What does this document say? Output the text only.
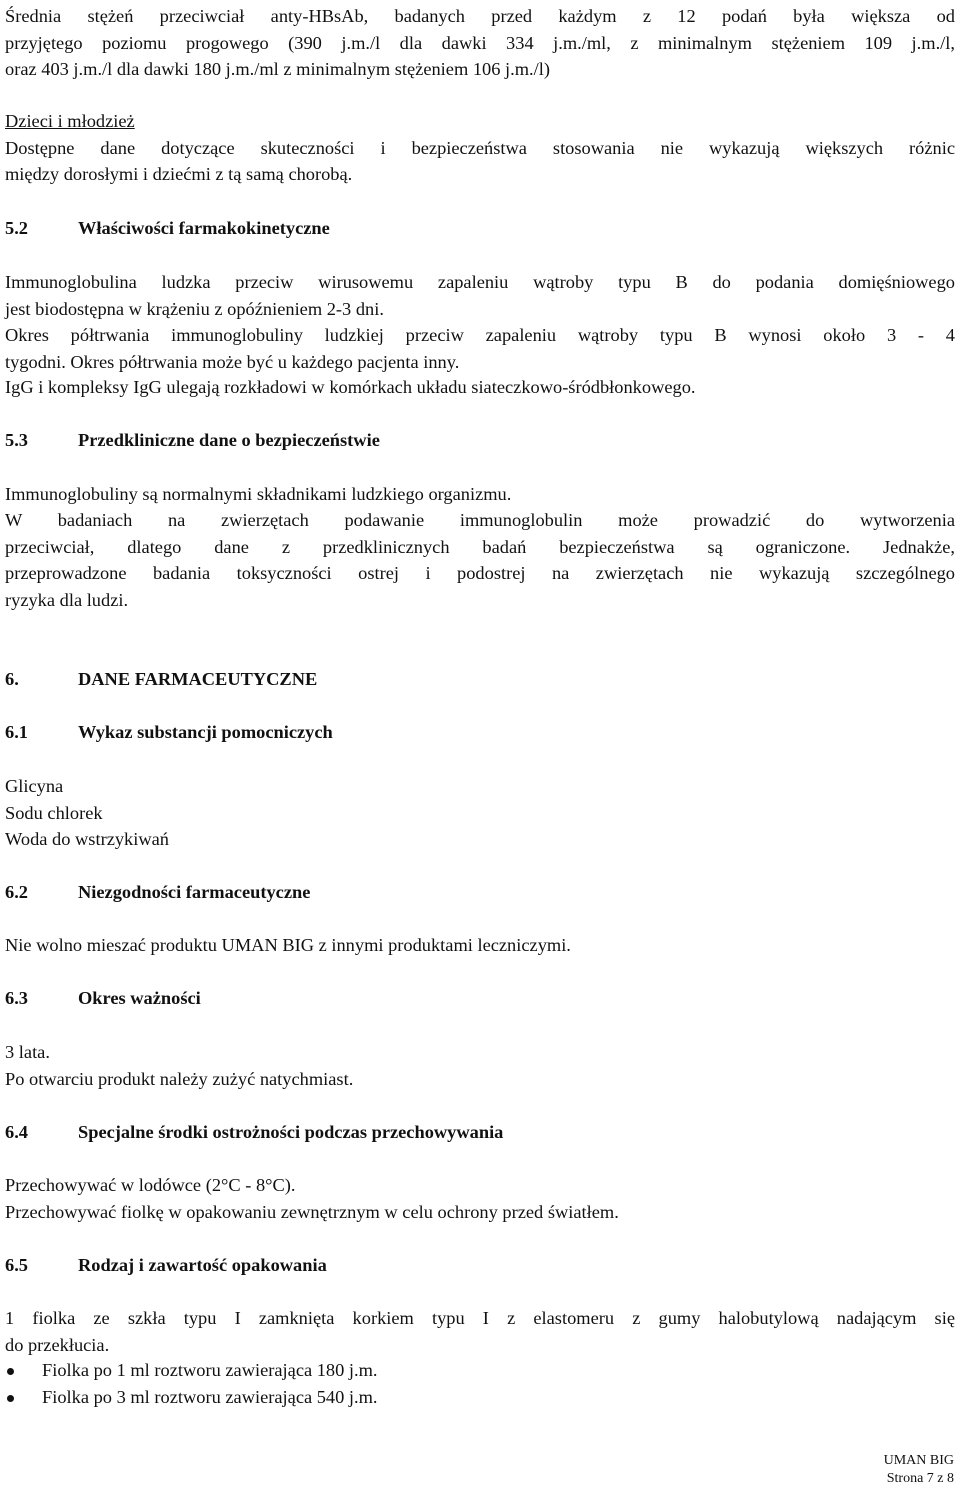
Średnia stężeń przeciwciał anty-HBsAb, badanych przed każdym z 12 podań była większa od
przyjętego poziomu progowego (390 j.m./l dla dawki 334 j.m./ml, z minimalnym stężeniem 109 j.m./l,
oraz 403 j.m./l dla dawki 180 j.m./ml z minimalnym stężeniem 106 j.m./l)
Dzieci i młodzież
Dostępne dane dotyczące skuteczności i bezpieczeństwa stosowania nie wykazują większych różnic
między dorosłymi i dziećmi z tą samą chorobą.
5.2	Właściwości farmakokinetyczne
Immunoglobulina ludzka przeciw wirusowemu zapaleniu wątroby typu B do podania domięśniowego
jest biodostępna w krążeniu z opóźnieniem 2-3 dni.
Okres półtrwania immunoglobuliny ludzkiej przeciw zapaleniu wątroby typu B wynosi około 3 - 4
tygodni. Okres półtrwania może być u każdego pacjenta inny.
IgG i kompleksy IgG ulegają rozkładowi w komórkach układu siateczkowo-śródbłonkowego.
5.3	Przedkliniczne dane o bezpieczeństwie
Immunoglobuliny są normalnymi składnikami ludzkiego organizmu.
W badaniach na zwierzętach podawanie immunoglobulin może prowadzić do wytworzenia
przeciwciał, dlatego dane z przedklinicznych badań bezpieczeństwa są ograniczone. Jednakże,
przeprowadzone badania toksyczności ostrej i podostrej na zwierzętach nie wykazują szczególnego
ryzyka dla ludzi.
6.	DANE FARMACEUTYCZNE
6.1	Wykaz substancji pomocniczych
Glicyna
Sodu chlorek
Woda do wstrzykiwań
6.2	Niezgodności farmaceutyczne
Nie wolno mieszać produktu UMAN BIG z innymi produktami leczniczymi.
6.3	Okres ważności
3 lata.
Po otwarciu produkt należy zużyć natychmiast.
6.4	Specjalne środki ostrożności podczas przechowywania
Przechowywać w lodówce (2°C - 8°C).
Przechowywać fiolkę w opakowaniu zewnętrznym w celu ochrony przed światłem.
6.5	Rodzaj i zawartość opakowania
1 fiolka ze szkła typu I zamknięta korkiem typu I z elastomeru z gumy halobutylową nadającym się
do przekłucia.
Fiolka po 1 ml roztworu zawierająca 180 j.m.
Fiolka po 3 ml roztworu zawierająca 540 j.m.
UMAN BIG
Strona 7 z 8
